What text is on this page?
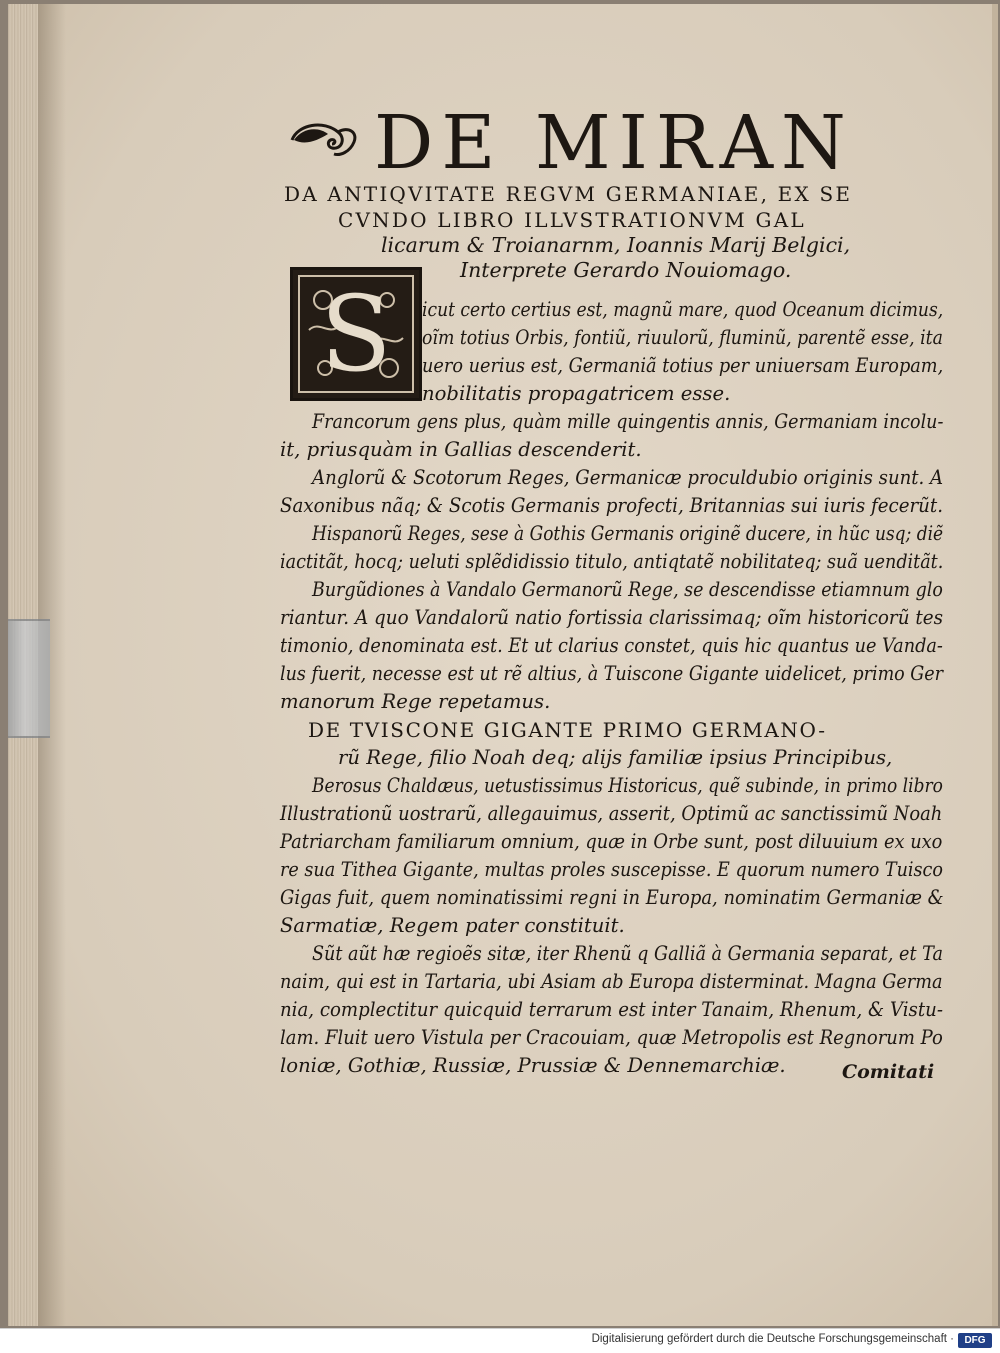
DE MIRAN
DA ANTIQVITATE REGVM GERMANIAE, EX SE
CVNDO LIBRO ILLVSTRATIONVM GAL
licarum & Troianarnm, Ioannis Marij Belgici,
Interprete Gerardo Nouiomago.
S	icut certo certius est, magnũ mare, quod Oceanum dicimus,
oĩm totius Orbis, fontiũ, riuulorũ, fluminũ, parentẽ esse, ita
uero uerius est, Germaniã totius per uniuersam Europam,
nobilitatis propagatricem esse.
Francorum gens plus, quàm mille quingentis annis, Germaniam incolu-
it, priusquàm in Gallias descenderit.
Anglorũ & Scotorum Reges, Germanicæ proculdubio originis sunt. A
Saxonibus nãq; & Scotis Germanis profecti, Britannias sui iuris fecerũt.
Hispanorũ Reges, sese à Gothis Germanis originẽ ducere, in hũc usq; diẽ
iactitãt, hocq; ueluti splẽdidissio titulo, antiqtatẽ nobilitateq; suã uenditãt.
Burgũdiones à Vandalo Germanorũ Rege, se descendisse etiamnum glo
riantur. A quo Vandalorũ natio fortissia clarissimaq; oĩm historicorũ tes
timonio, denominata est. Et ut clarius constet, quis hic quantus ue Vanda-
lus fuerit, necesse est ut rẽ altius, à Tuiscone Gigante uidelicet, primo Ger
manorum Rege repetamus.
DE TVISCONE GIGANTE PRIMO GERMANO-
rũ Rege, filio Noah deq; alijs familiæ ipsius Principibus,
Berosus Chaldæus, uetustissimus Historicus, quẽ subinde, in primo libro
Illustrationũ uostrarũ, allegauimus, asserit, Optimũ ac sanctissimũ Noah
Patriarcham familiarum omnium, quæ in Orbe sunt, post diluuium ex uxo
re sua Tithea Gigante, multas proles suscepisse. E quorum numero Tuisco
Gigas fuit, quem nominatissimi regni in Europa, nominatim Germaniæ &
Sarmatiæ, Regem pater constituit.
Sũt aũt hæ regioẽs sitæ, iter Rhenũ q Galliã à Germania separat, et Ta
naim, qui est in Tartaria, ubi Asiam ab Europa disterminat. Magna Germa
nia, complectitur quicquid terrarum est inter Tanaim, Rhenum, & Vistu-
lam. Fluit uero Vistula per Cracouiam, quæ Metropolis est Regnorum Po
loniæ, Gothiæ, Russiæ, Prussiæ & Dennemarchiæ.	Comitati
Digitalisierung gefördert durch die Deutsche Forschungsgemeinschaft ·	DFG
